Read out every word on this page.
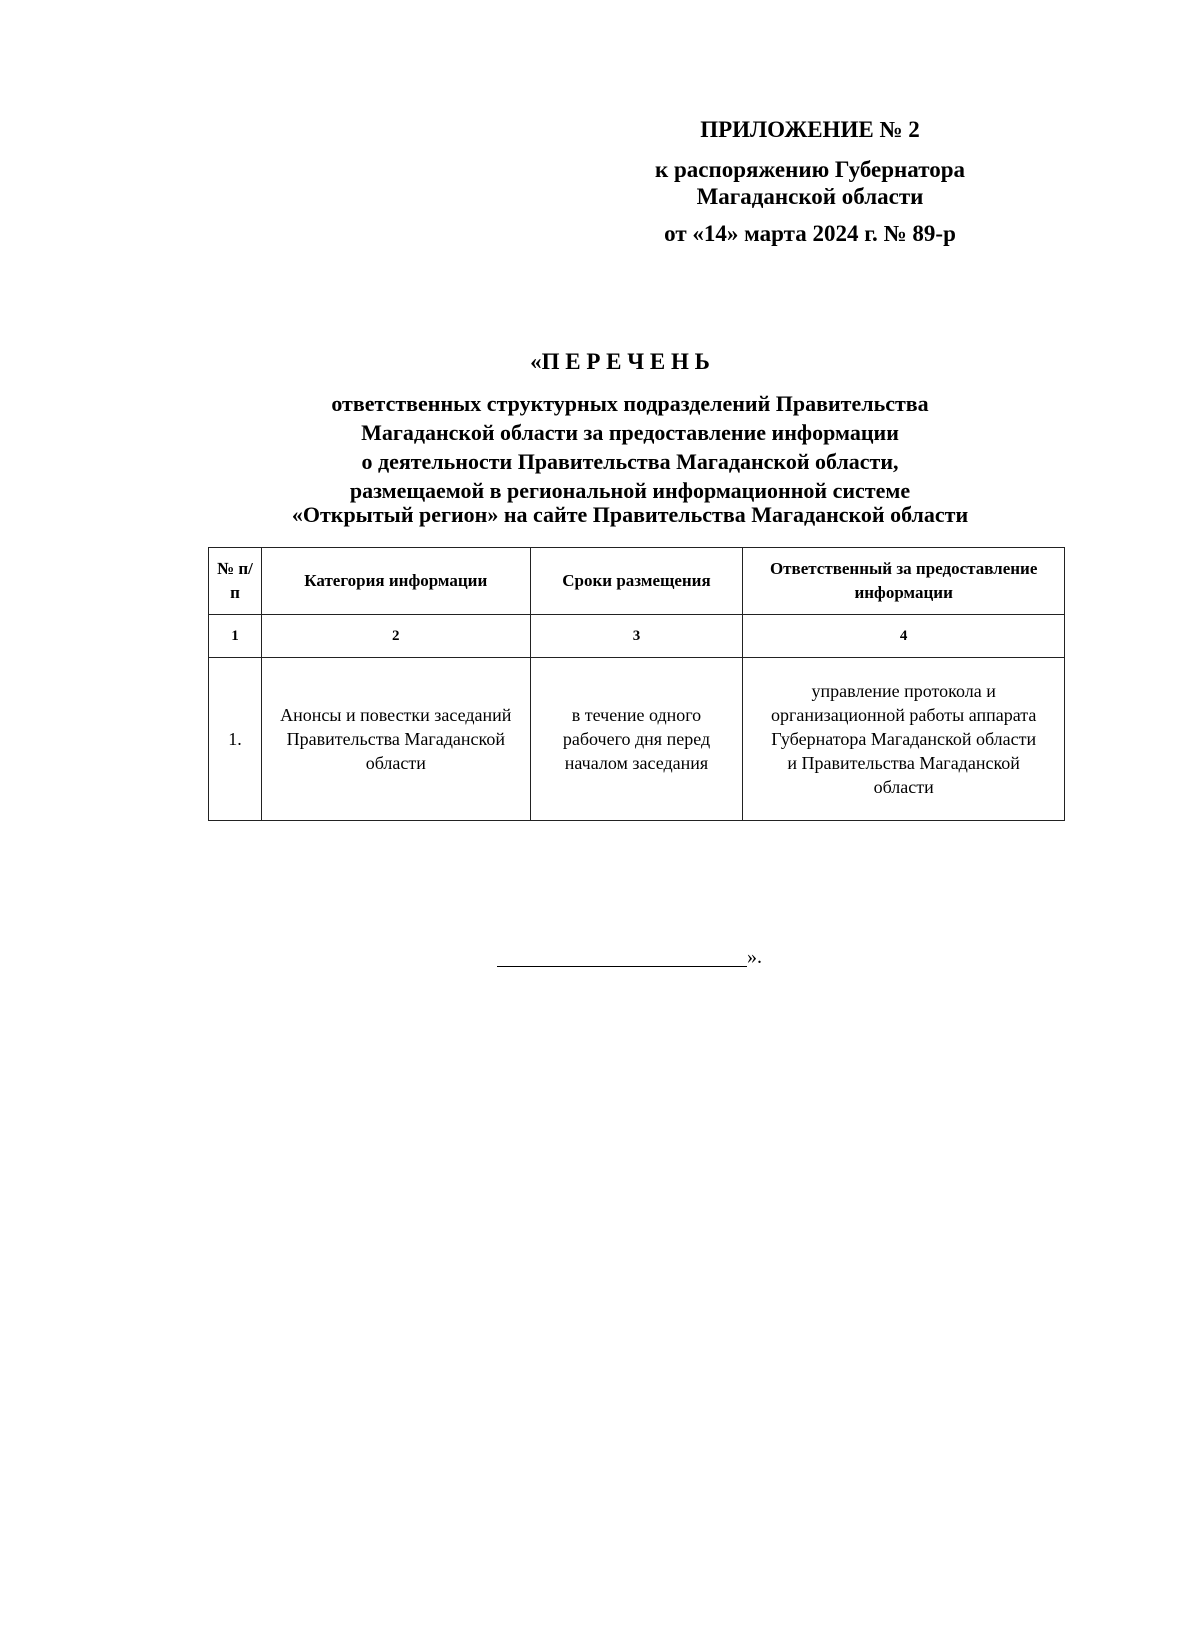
ПРИЛОЖЕНИЕ № 2
к распоряжению Губернатора
Магаданской области
от «14» марта 2024 г. № 89-р
«П Е Р Е Ч Е Н Ь
ответственных структурных подразделений Правительства
Магаданской области за предоставление информации
о деятельности Правительства Магаданской области,
размещаемой в региональной информационной системе
«Открытый регион» на сайте Правительства Магаданской области
№ п/п	Категория информации	Сроки размещения	Ответственный за предоставление информации
1	2	3	4
1.	Анонсы и повестки заседаний Правительства Магаданской области	в течение одного рабочего дня перед началом заседания	управление протокола и организационной работы аппарата Губернатора Магаданской области и Правительства Магаданской области
».
